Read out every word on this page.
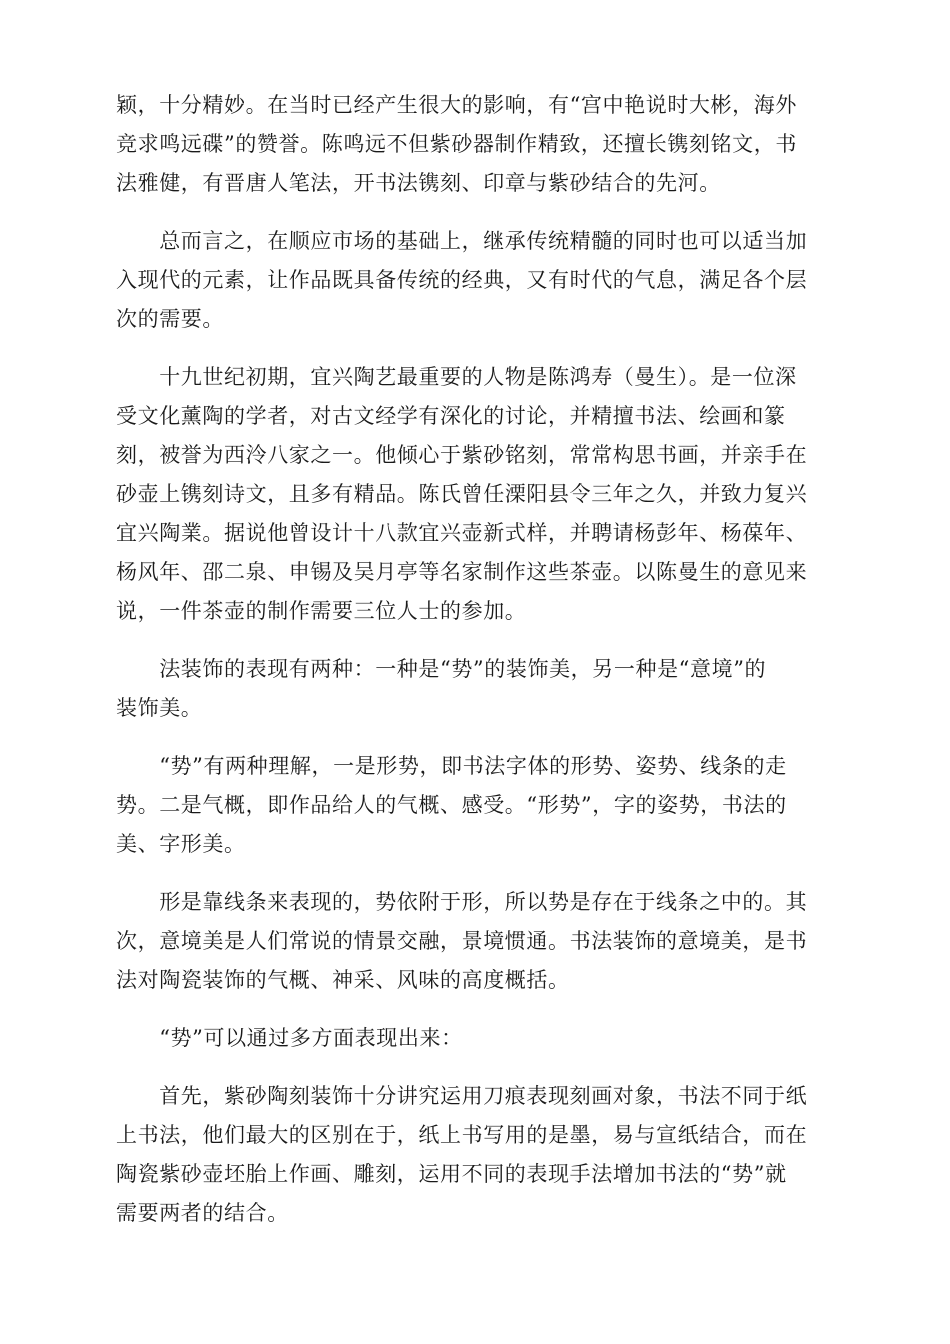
颖，十分精妙。在当时已经产生很大的影响，有“宫中艳说时大彬，海外
竞求鸣远碟”的赞誉。陈鸣远不但紫砂器制作精致，还擅长镌刻铭文，书
法雅健，有晋唐人笔法，开书法镌刻、印章与紫砂结合的先河。
　　总而言之，在顺应市场的基础上，继承传统精髓的同时也可以适当加
入现代的元素，让作品既具备传统的经典，又有时代的气息，满足各个层
次的需要。
　　十九世纪初期，宜兴陶艺最重要的人物是陈鸿寿（曼生）。是一位深
受文化薰陶的学者，对古文经学有深化的讨论，并精擅书法、绘画和篆
刻，被誉为西泠八家之一。他倾心于紫砂铭刻，常常构思书画，并亲手在
砂壶上镌刻诗文，且多有精品。陈氏曾任溧阳县令三年之久，并致力复兴
宜兴陶業。据说他曾设计十八款宜兴壶新式样，并聘请杨彭年、杨葆年、
杨风年、邵二泉、申锡及吴月亭等名家制作这些茶壶。以陈曼生的意见来
说，一件茶壶的制作需要三位人士的参加。
　　法装饰的表现有两种：一种是“势”的装饰美，另一种是“意境”的
装饰美。
　　“势”有两种理解，一是形势，即书法字体的形势、姿势、线条的走
势。二是气概，即作品给人的气概、感受。“形势”，字的姿势，书法的
美、字形美。
　　形是靠线条来表现的，势依附于形，所以势是存在于线条之中的。其
次，意境美是人们常说的情景交融，景境惯通。书法装饰的意境美，是书
法对陶瓷装饰的气概、神采、风味的高度概括。
　　“势”可以通过多方面表现出来：
　　首先，紫砂陶刻装饰十分讲究运用刀痕表现刻画对象，书法不同于纸
上书法，他们最大的区别在于，纸上书写用的是墨，易与宣纸结合，而在
陶瓷紫砂壶坯胎上作画、雕刻，运用不同的表现手法增加书法的“势”就
需要两者的结合。
